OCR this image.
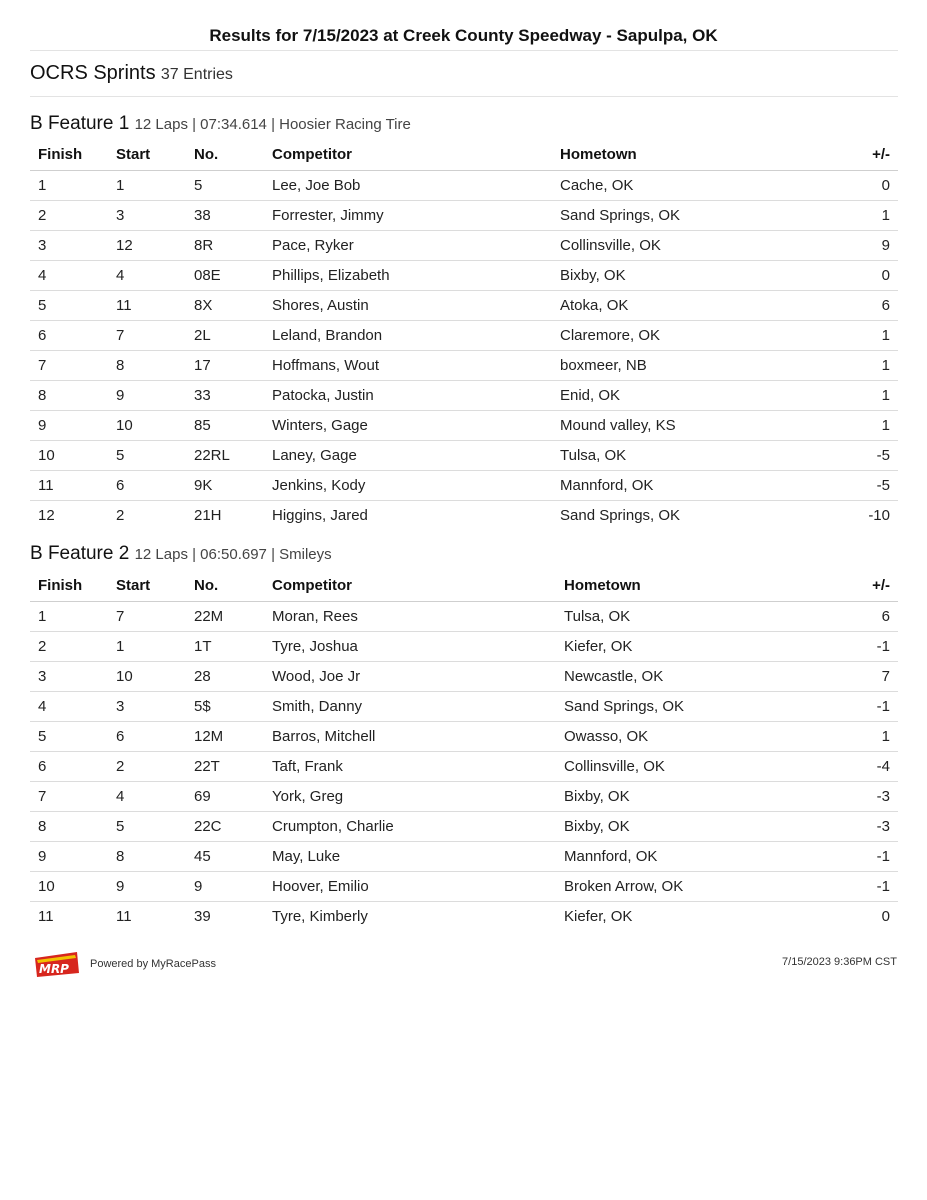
Results for 7/15/2023 at Creek County Speedway - Sapulpa, OK
OCRS Sprints 37 Entries
B Feature 1 12 Laps | 07:34.614 | Hoosier Racing Tire
Finish	Start	No.	Competitor	Hometown	+/-
1	1	5	Lee, Joe Bob	Cache, OK	0
2	3	38	Forrester, Jimmy	Sand Springs, OK	1
3	12	8R	Pace, Ryker	Collinsville, OK	9
4	4	08E	Phillips, Elizabeth	Bixby, OK	0
5	11	8X	Shores, Austin	Atoka, OK	6
6	7	2L	Leland, Brandon	Claremore, OK	1
7	8	17	Hoffmans, Wout	boxmeer, NB	1
8	9	33	Patocka, Justin	Enid, OK	1
9	10	85	Winters, Gage	Mound valley, KS	1
10	5	22RL	Laney, Gage	Tulsa, OK	-5
11	6	9K	Jenkins, Kody	Mannford, OK	-5
12	2	21H	Higgins, Jared	Sand Springs, OK	-10
B Feature 2 12 Laps | 06:50.697 | Smileys
Finish	Start	No.	Competitor	Hometown	+/-
1	7	22M	Moran, Rees	Tulsa, OK	6
2	1	1T	Tyre, Joshua	Kiefer, OK	-1
3	10	28	Wood, Joe Jr	Newcastle, OK	7
4	3	5$	Smith, Danny	Sand Springs, OK	-1
5	6	12M	Barros, Mitchell	Owasso, OK	1
6	2	22T	Taft, Frank	Collinsville, OK	-4
7	4	69	York, Greg	Bixby, OK	-3
8	5	22C	Crumpton, Charlie	Bixby, OK	-3
9	8	45	May, Luke	Mannford, OK	-1
10	9	9	Hoover, Emilio	Broken Arrow, OK	-1
11	11	39	Tyre, Kimberly	Kiefer, OK	0
MRP Powered by MyRacePass	7/15/2023 9:36PM CST
